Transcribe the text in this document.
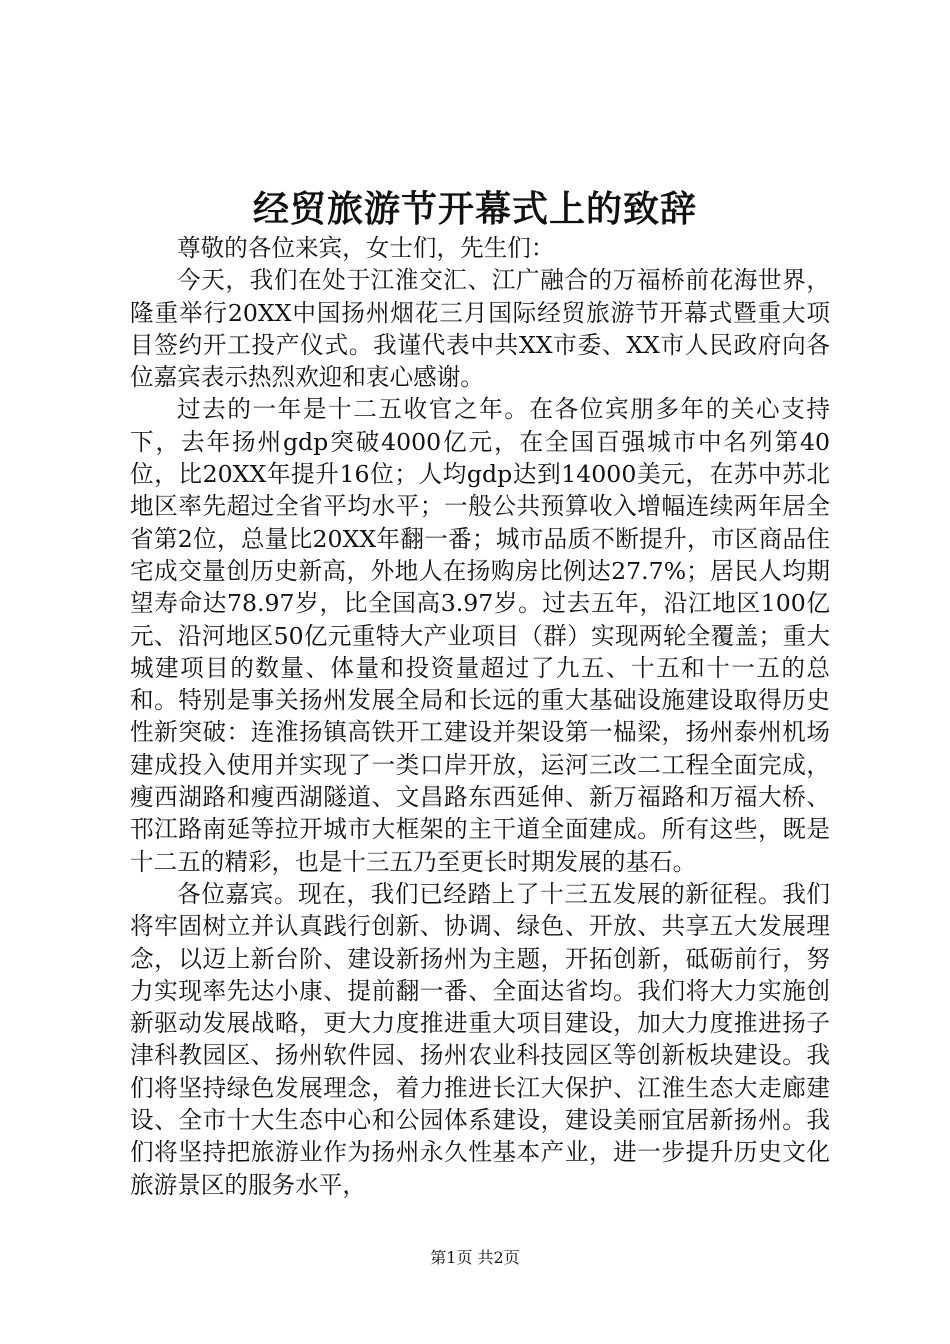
经贸旅游节开幕式上的致辞

尊敬的各位来宾，女士们，先生们：

今天，我们在处于江淮交汇、江广融合的万福桥前花海世界，隆重举行20XX中国扬州烟花三月国际经贸旅游节开幕式暨重大项目签约开工投产仪式。我谨代表中共XX市委、XX市人民政府向各位嘉宾表示热烈欢迎和衷心感谢。

过去的一年是十二五收官之年。在各位宾朋多年的关心支持下，去年扬州gdp突破4000亿元，在全国百强城市中名列第40位，比20XX年提升16位；人均gdp达到14000美元，在苏中苏北地区率先超过全省平均水平；一般公共预算收入增幅连续两年居全省第2位，总量比20XX年翻一番；城市品质不断提升，市区商品住宅成交量创历史新高，外地人在扬购房比例达27.7%；居民人均期望寿命达78.97岁，比全国高3.97岁。过去五年，沿江地区100亿元、沿河地区50亿元重特大产业项目（群）实现两轮全覆盖；重大城建项目的数量、体量和投资量超过了九五、十五和十一五的总和。特别是事关扬州发展全局和长远的重大基础设施建设取得历史性新突破：连淮扬镇高铁开工建设并架设第一榀梁，扬州泰州机场建成投入使用并实现了一类口岸开放，运河三改二工程全面完成，瘦西湖路和瘦西湖隧道、文昌路东西延伸、新万福路和万福大桥、邗江路南延等拉开城市大框架的主干道全面建成。所有这些，既是十二五的精彩，也是十三五乃至更长时期发展的基石。

各位嘉宾。现在，我们已经踏上了十三五发展的新征程。我们将牢固树立并认真践行创新、协调、绿色、开放、共享五大发展理念，以迈上新台阶、建设新扬州为主题，开拓创新，砥砺前行，努力实现率先达小康、提前翻一番、全面达省均。我们将大力实施创新驱动发展战略，更大力度推进重大项目建设，加大力度推进扬子津科教园区、扬州软件园、扬州农业科技园区等创新板块建设。我们将坚持绿色发展理念，着力推进长江大保护、江淮生态大走廊建设、全市十大生态中心和公园体系建设，建设美丽宜居新扬州。我们将坚持把旅游业作为扬州永久性基本产业，进一步提升历史文化旅游景区的服务水平，

第1页 共2页
